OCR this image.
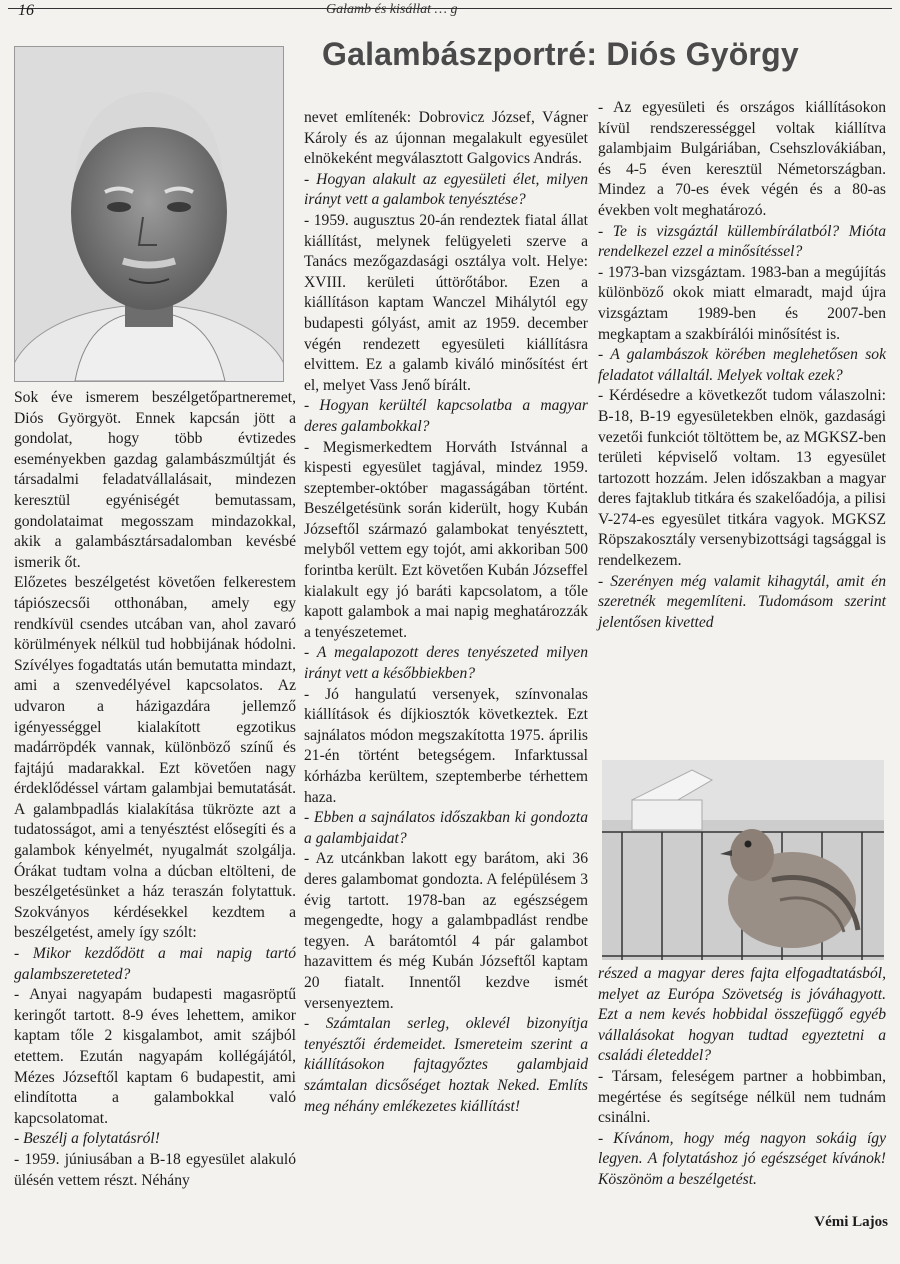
16	Galamb és kisállat … g
Galambászportré: Diós György

Sok éve ismerem beszélgetőpartneremet, Diós Györgyöt. Ennek kapcsán jött a gondolat, hogy több évtizedes eseményekben gazdag galambászmúltját és társadalmi feladatvállalásait, mindezen keresztül egyéniségét bemutassam, gondolataimat megosszam mindazokkal, akik a galambásztársadalomban kevésbé ismerik őt.

Előzetes beszélgetést követően felkerestem tápiószecsői otthonában, amely egy rendkívül csendes utcában van, ahol zavaró körülmények nélkül tud hobbijának hódolni. Szívélyes fogadtatás után bemutatta mindazt, ami a szenvedélyével kapcsolatos. Az udvaron a házigazdára jellemző igényességgel kialakított egzotikus madárröpdék vannak, különböző színű és fajtájú madarakkal. Ezt követően nagy érdeklődéssel vártam galambjai bemutatását. A galambpadlás kialakítása tükrözte azt a tudatosságot, ami a tenyésztést elősegíti és a galambok kényelmét, nyugalmát szolgálja. Órákat tudtam volna a dúcban eltölteni, de beszélgetésünket a ház teraszán folytattuk. Szokványos kérdésekkel kezdtem a beszélgetést, amely így szólt:

- Mikor kezdődött a mai napig tartó galambszereteted?

- Anyai nagyapám budapesti magasröptű keringőt tartott. 8-9 éves lehettem, amikor kaptam tőle 2 kisgalambot, amit szájból etettem. Ezután nagyapám kollégájától, Mézes Józseftől kaptam 6 budapestit, ami elindította a galambokkal való kapcsolatomat.

- Beszélj a folytatásról!

- 1959. júniusában a B-18 egyesület alakuló ülésén vettem részt. Néhány

nevet említenék: Dobrovicz József, Vágner Károly és az újonnan megalakult egyesület elnökeként megválasztott Galgovics András.

- Hogyan alakult az egyesületi élet, milyen irányt vett a galambok tenyésztése?

- 1959. augusztus 20-án rendeztek fiatal állat kiállítást, melynek felügyeleti szerve a Tanács mezőgazdasági osztálya volt. Helye: XVIII. kerületi úttörőtábor. Ezen a kiállításon kaptam Wanczel Mihálytól egy budapesti gólyást, amit az 1959. december végén rendezett egyesületi kiállításra elvittem. Ez a galamb kiváló minősítést ért el, melyet Vass Jenő bírált.

- Hogyan kerültél kapcsolatba a magyar deres galambokkal?

- Megismerkedtem Horváth Istvánnal a kispesti egyesület tagjával, mindez 1959. szeptember-október magasságában történt. Beszélgetésünk során kiderült, hogy Kubán Józseftől származó galambokat tenyésztett, melyből vettem egy tojót, ami akkoriban 500 forintba került. Ezt követően Kubán Józseffel kialakult egy jó baráti kapcsolatom, a tőle kapott galambok a mai napig meghatározzák a tenyészetemet.

- A megalapozott deres tenyészeted milyen irányt vett a későbbiekben?

- Jó hangulatú versenyek, színvonalas kiállítások és díjkiosztók következtek. Ezt sajnálatos módon megszakította 1975. április 21-én történt betegségem. Infarktussal kórházba kerültem, szeptemberbe térhettem haza.

- Ebben a sajnálatos időszakban ki gondozta a galambjaidat?

- Az utcánkban lakott egy barátom, aki 36 deres galambomat gondozta. A felépülésem 3 évig tartott. 1978-ban az egészségem megengedte, hogy a galambpadlást rendbe tegyen. A barátomtól 4 pár galambot hazavittem és még Kubán Józseftől kaptam 20 fiatalt. Innentől kezdve ismét versenyeztem.

- Számtalan serleg, oklevél bizonyítja tenyésztői érdemeidet. Ismereteim szerint a kiállításokon fajtagyőztes galambjaid számtalan dicsőséget hoztak Neked. Említs meg néhány emlékezetes kiállítást!

- Az egyesületi és országos kiállításokon kívül rendszerességgel voltak kiállítva galambjaim Bulgáriában, Csehszlovákiában, és 4-5 éven keresztül Németországban. Mindez a 70-es évek végén és a 80-as években volt meghatározó.

- Te is vizsgáztál küllembírálatból? Mióta rendelkezel ezzel a minősítéssel?

- 1973-ban vizsgáztam. 1983-ban a megújítás különböző okok miatt elmaradt, majd újra vizsgáztam 1989-ben és 2007-ben megkaptam a szakbírálói minősítést is.

- A galambászok körében meglehetősen sok feladatot vállaltál. Melyek voltak ezek?

- Kérdésedre a következőt tudom válaszolni: B-18, B-19 egyesületekben elnök, gazdasági vezetői funkciót töltöttem be, az MGKSZ-ben területi képviselő voltam. 13 egyesület tartozott hozzám. Jelen időszakban a magyar deres fajtaklub titkára és szakelőadója, a pilisi V-274-es egyesület titkára vagyok. MGKSZ Röpszakosztály versenybizottsági tagsággal is rendelkezem.

- Szerényen még valamit kihagytál, amit én szeretnék megemlíteni. Tudomásom szerint jelentősen kivetted

részed a magyar deres fajta elfogadtatásból, melyet az Európa Szövetség is jóváhagyott. Ezt a nem kevés hobbidal összefüggő egyéb vállalásokat hogyan tudtad egyeztetni a családi életeddel?

- Társam, feleségem partner a hobbimban, megértése és segítsége nélkül nem tudnám csinálni.

- Kívánom, hogy még nagyon sokáig így legyen. A folytatáshoz jó egészséget kívánok! Köszönöm a beszélgetést.

Vémi Lajos
